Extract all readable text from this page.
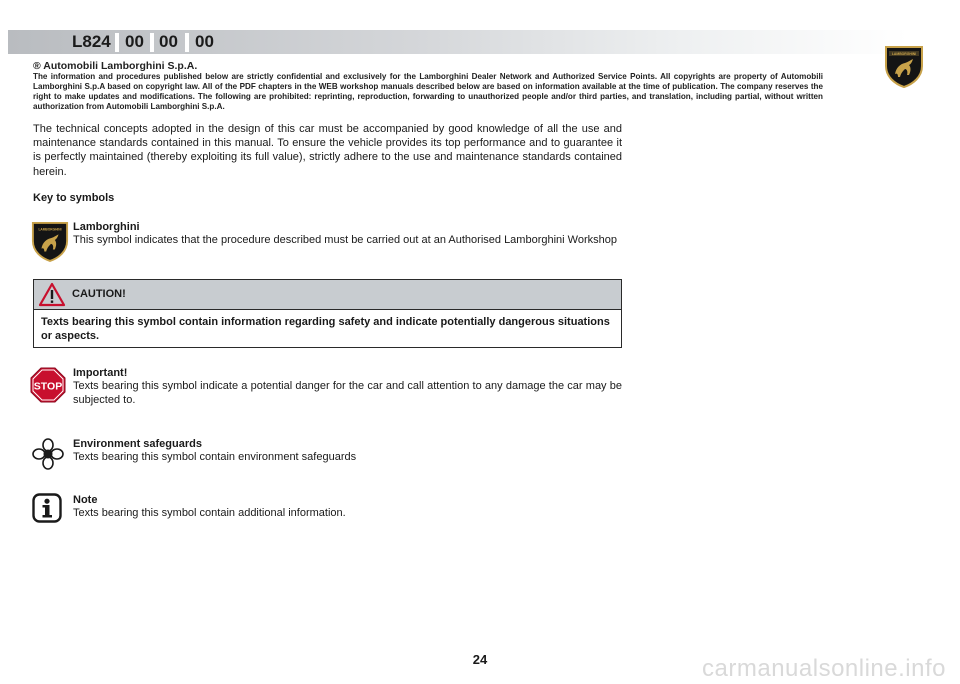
L824 00 00 00
LAMBORGHINI
® Automobili Lamborghini S.p.A.
The information and procedures published below are strictly confidential and exclusively for the Lamborghini Dealer Network and Authorized Service Points. All copyrights are property of Automobili Lamborghini S.p.A based on copyright law. All of the PDF chapters in the WEB workshop manuals described below are based on information available at the time of publication. The company reserves the right to make updates and modifications. The following are prohibited: reprinting, reproduction, forwarding to unauthorized people and/or third parties, and translation, including partial, without written authorization from Automobili Lamborghini S.p.A.
The technical concepts adopted in the design of this car must be accompanied by good knowledge of all the use and maintenance standards contained in this manual. To ensure the vehicle provides its top performance and to guarantee it is perfectly maintained (thereby exploiting its full value), strictly adhere to the use and maintenance standards contained herein.
Key to symbols
LAMBORGHINI Lamborghini
This symbol indicates that the procedure described must be carried out at an Authorised Lamborghini Workshop
CAUTION!
Texts bearing this symbol contain information regarding safety and indicate potentially dangerous situations or aspects.
STOP
Important!
Texts bearing this symbol indicate a potential danger for the car and call attention to any damage the car may be subjected to.
Environment safeguards
Texts bearing this symbol contain environment safeguards
Note
Texts bearing this symbol contain additional information.
24	carmanualsonline.info
